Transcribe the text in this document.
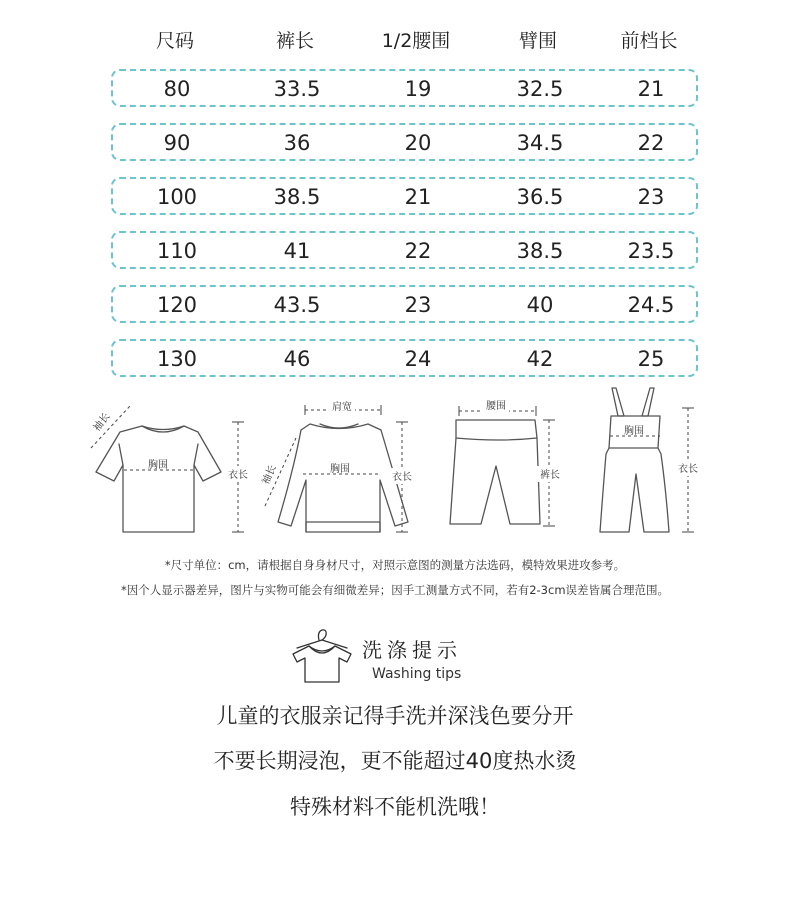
尺码	裤长	1/2腰围	臂围	前档长
80	33.5	19	32.5	21
90	36	20	34.5	22
100	38.5	21	36.5	23
110	41	22	38.5	23.5
120	43.5	23	40	24.5
130	46	24	42	25
袖长
胸围
衣长
肩宽
袖长	胸围
衣长
腰围
裤长
胸围
衣长
*尺寸单位：cm，请根据自身身材尺寸，对照示意图的测量方法选码，模特效果进攻参考。
*因个人显示器差异，图片与实物可能会有细微差异；因手工测量方式不同，若有2-3cm误差皆属合理范围。
洗涤提示
Washing tips
儿童的衣服亲记得手洗并深浅色要分开
不要长期浸泡，更不能超过40度热水烫
特殊材料不能机洗哦！
